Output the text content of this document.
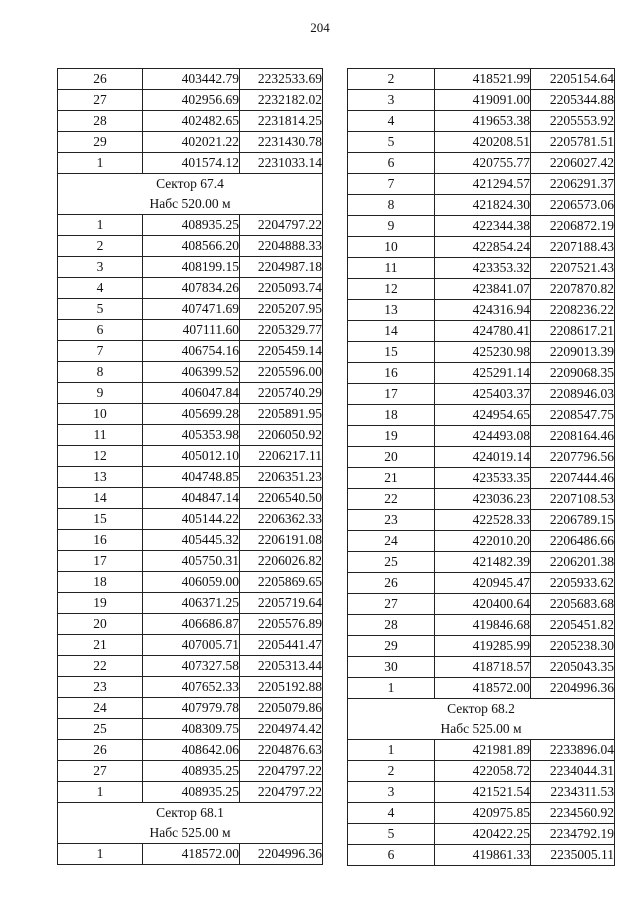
204
26	403442.79	2232533.69
27	402956.69	2232182.02
28	402482.65	2231814.25
29	402021.22	2231430.78
1	401574.12	2231033.14

Сектор 67.4
Набс 520.00 м		

1	408935.25	2204797.22
2	408566.20	2204888.33
3	408199.15	2204987.18
4	407834.26	2205093.74
5	407471.69	2205207.95
6	407111.60	2205329.77
7	406754.16	2205459.14
8	406399.52	2205596.00
9	406047.84	2205740.29
10	405699.28	2205891.95
11	405353.98	2206050.92
12	405012.10	2206217.11
13	404748.85	2206351.23
14	404847.14	2206540.50
15	405144.22	2206362.33
16	405445.32	2206191.08
17	405750.31	2206026.82
18	406059.00	2205869.65
19	406371.25	2205719.64
20	406686.87	2205576.89
21	407005.71	2205441.47
22	407327.58	2205313.44
23	407652.33	2205192.88
24	407979.78	2205079.86
25	408309.75	2204974.42
26	408642.06	2204876.63
27	408935.25	2204797.22
1	408935.25	2204797.22

Сектор 68.1
Набс 525.00 м		

1	418572.00	2204996.36
2	418521.99	2205154.64
3	419091.00	2205344.88
4	419653.38	2205553.92
5	420208.51	2205781.51
6	420755.77	2206027.42
7	421294.57	2206291.37
8	421824.30	2206573.06
9	422344.38	2206872.19
10	422854.24	2207188.43
11	423353.32	2207521.43
12	423841.07	2207870.82
13	424316.94	2208236.22
14	424780.41	2208617.21
15	425230.98	2209013.39
16	425291.14	2209068.35
17	425403.37	2208946.03
18	424954.65	2208547.75
19	424493.08	2208164.46
20	424019.14	2207796.56
21	423533.35	2207444.46
22	423036.23	2207108.53
23	422528.33	2206789.15
24	422010.20	2206486.66
25	421482.39	2206201.38
26	420945.47	2205933.62
27	420400.64	2205683.68
28	419846.68	2205451.82
29	419285.99	2205238.30
30	418718.57	2205043.35
1	418572.00	2204996.36

Сектор 68.2
Набс 525.00 м		

1	421981.89	2233896.04
2	422058.72	2234044.31
3	421521.54	2234311.53
4	420975.85	2234560.92
5	420422.25	2234792.19
6	419861.33	2235005.11
